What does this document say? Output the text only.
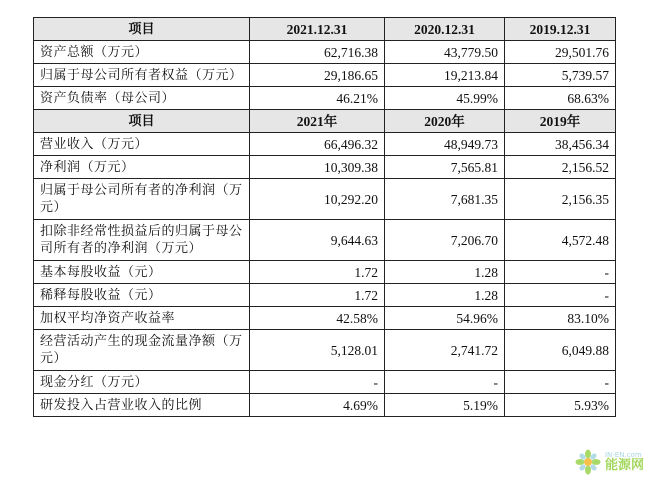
项目	2021.12.31	2020.12.31	2019.12.31
资产总额（万元）	62,716.38	43,779.50	29,501.76
归属于母公司所有者权益（万元）	29,186.65	19,213.84	5,739.57
资产负债率（母公司）	46.21%	45.99%	68.63%
项目	2021年	2020年	2019年
营业收入（万元）	66,496.32	48,949.73	38,456.34
净利润（万元）	10,309.38	7,565.81	2,156.52
归属于母公司所有者的净利润（万元）	10,292.20	7,681.35	2,156.35
扣除非经常性损益后的归属于母公司所有者的净利润（万元）	9,644.63	7,206.70	4,572.48
基本每股收益（元）	1.72	1.28	-
稀释每股收益（元）	1.72	1.28	-
加权平均净资产收益率	42.58%	54.96%	83.10%
经营活动产生的现金流量净额（万元）	5,128.01	2,741.72	6,049.88
现金分红（万元）	-	-	-
研发投入占营业收入的比例	4.69%	5.19%	5.93%
IN-EN.com
能源网
